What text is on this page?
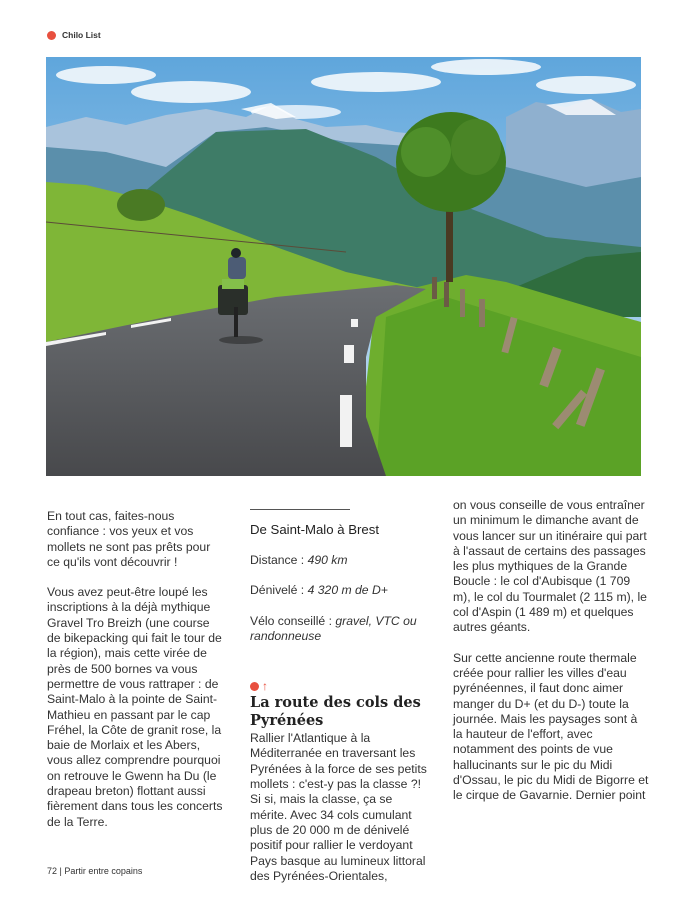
Chilo List

En tout cas, faites-nous confiance : vos yeux et vos mollets ne sont pas prêts pour ce qu'ils vont découvrir !

Vous avez peut-être loupé les inscriptions à la déjà mythique Gravel Tro Breizh (une course de bikepacking qui fait le tour de la région), mais cette virée de près de 500 bornes va vous permettre de vous rattraper : de Saint-Malo à la pointe de Saint-Mathieu en passant par le cap Fréhel, la Côte de granit rose, la baie de Morlaix et les Abers, vous allez comprendre pourquoi on retrouve le Gwenn ha Du (le drapeau breton) flottant aussi fièrement dans tous les concerts de la Terre.

De Saint-Malo à Brest

Distance : 490 km

Dénivelé : 4 320 m de D+

Vélo conseillé : gravel, VTC ou randonneuse

↑
La route des cols des Pyrénées

Rallier l'Atlantique à la Méditerranée en traversant les Pyrénées à la force de ses petits mollets : c'est-y pas la classe ?! Si si, mais la classe, ça se mérite. Avec 34 cols cumulant plus de 20 000 m de dénivelé positif pour rallier le verdoyant Pays basque au lumineux littoral des Pyrénées-Orientales,

on vous conseille de vous entraîner un minimum le dimanche avant de vous lancer sur un itinéraire qui part à l'assaut de certains des passages les plus mythiques de la Grande Boucle : le col d'Aubisque (1 709 m), le col du Tourmalet (2 115 m), le col d'Aspin (1 489 m) et quelques autres géants.

Sur cette ancienne route thermale créée pour rallier les villes d'eau pyrénéennes, il faut donc aimer manger du D+ (et du D-) toute la journée. Mais les paysages sont à la hauteur de l'effort, avec notamment des points de vue hallucinants sur le pic du Midi d'Ossau, le pic du Midi de Bigorre et le cirque de Gavarnie. Dernier point

72 | Partir entre copains
